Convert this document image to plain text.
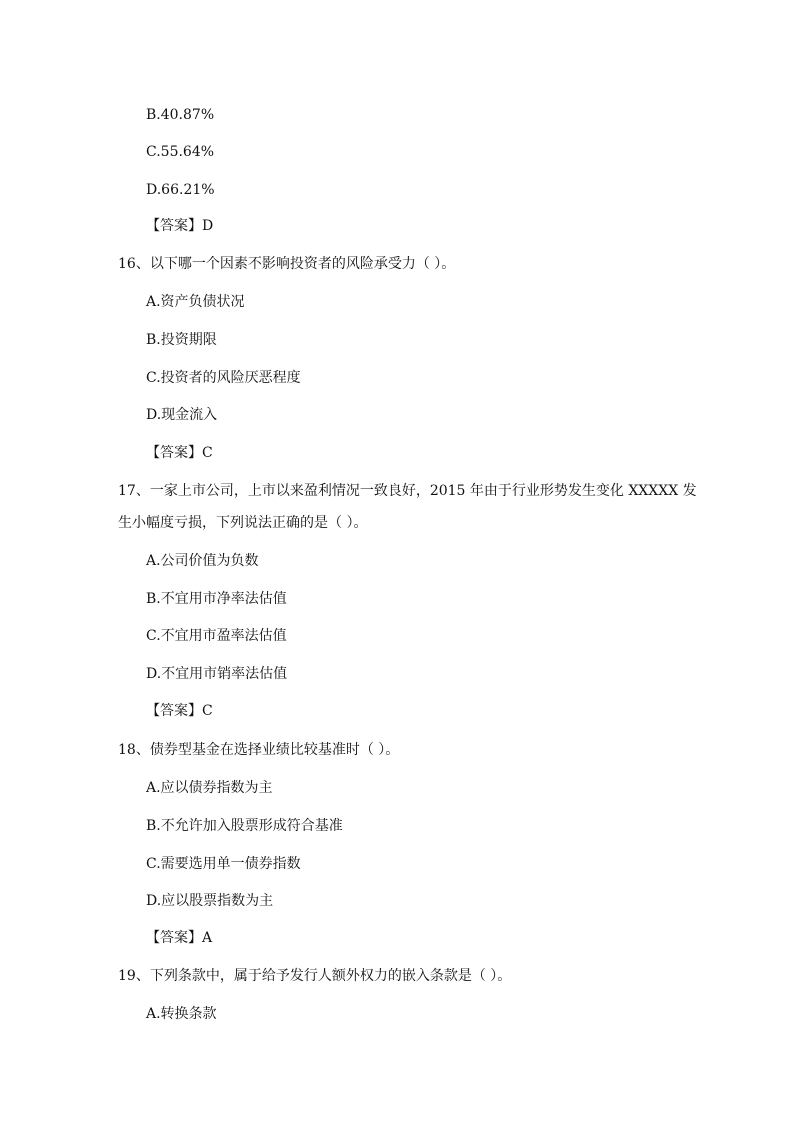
B.40.87%
C.55.64%
D.66.21%
【答案】D
16、以下哪一个因素不影响投资者的风险承受力（ ）。
A.资产负债状况
B.投资期限
C.投资者的风险厌恶程度
D.现金流入
【答案】C
17、一家上市公司，上市以来盈利情况一致良好，2015 年由于行业形势发生变化 XXXXX 发
生小幅度亏损，下列说法正确的是（ ）。
A.公司价值为负数
B.不宜用市净率法估值
C.不宜用市盈率法估值
D.不宜用市销率法估值
【答案】C
18、债券型基金在选择业绩比较基准时（ ）。
A.应以债券指数为主
B.不允许加入股票形成符合基准
C.需要选用单一债券指数
D.应以股票指数为主
【答案】A
19、下列条款中，属于给予发行人额外权力的嵌入条款是（ ）。
A.转换条款
